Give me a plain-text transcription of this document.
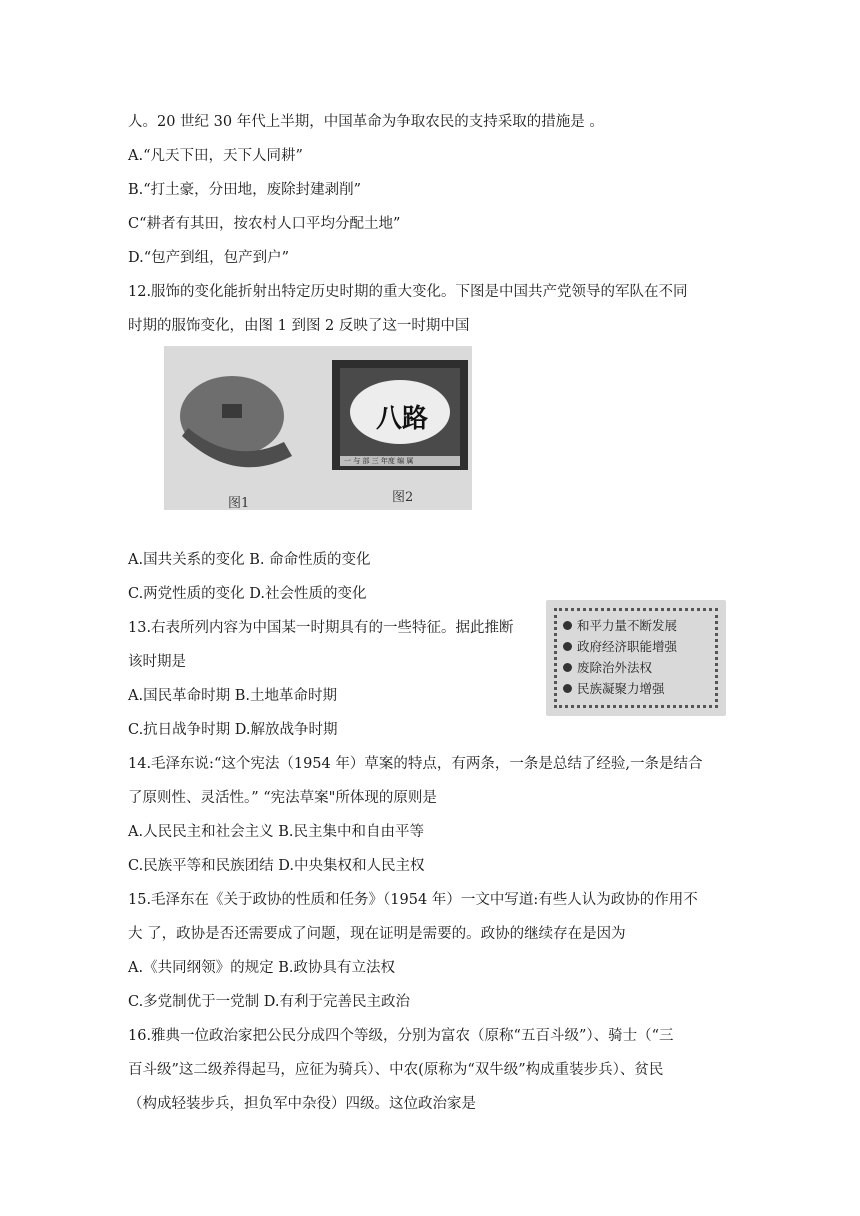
人。20 世纪 30 年代上半期，中国革命为争取农民的支持采取的措施是 。
A.“凡天下田，天下人同耕”
B.“打土豪，分田地，废除封建剥削”
C“耕者有其田，按农村人口平均分配土地”
D.“包产到组，包产到户”
12.服饰的变化能折射出特定历史时期的重大变化。下图是中国共产党领导的军队在不同
时期的服饰变化，由图 1 到图 2 反映了这一时期中国
八路
一 与 部 三 年度 编 属
图1	图2
A.国共关系的变化 B. 命命性质的变化
C.两党性质的变化 D.社会性质的变化
13.右表所列内容为中国某一时期具有的一些特征。据此推断
该时期是
A.国民革命时期 B.土地革命时期
C.抗日战争时期 D.解放战争时期
和平力量不断发展
政府经济职能增强
废除治外法权
民族凝聚力增强
14.毛泽东说:“这个宪法（1954 年）草案的特点，有两条，一条是总结了经验,一条是结合
了原则性、灵活性。” “宪法草案"所体现的原则是
A.人民民主和社会主义 B.民主集中和自由平等
C.民族平等和民族团结 D.中央集权和人民主权
15.毛泽东在《关于政协的性质和任务》（1954 年）一文中写道:有些人认为政协的作用不
大 了，政协是否还需要成了问题，现在证明是需要的。政协的继续存在是因为
A.《共同纲领》的规定 B.政协具有立法权
C.多党制优于一党制 D.有利于完善民主政治
16.雅典一位政治家把公民分成四个等级，分别为富农（原称“五百斗级”）、骑士（“三
百斗级”这二级养得起马，应征为骑兵）、中农(原称为“双牛级”构成重装步兵）、贫民
（构成轻装步兵，担负军中杂役）四级。这位政治家是
